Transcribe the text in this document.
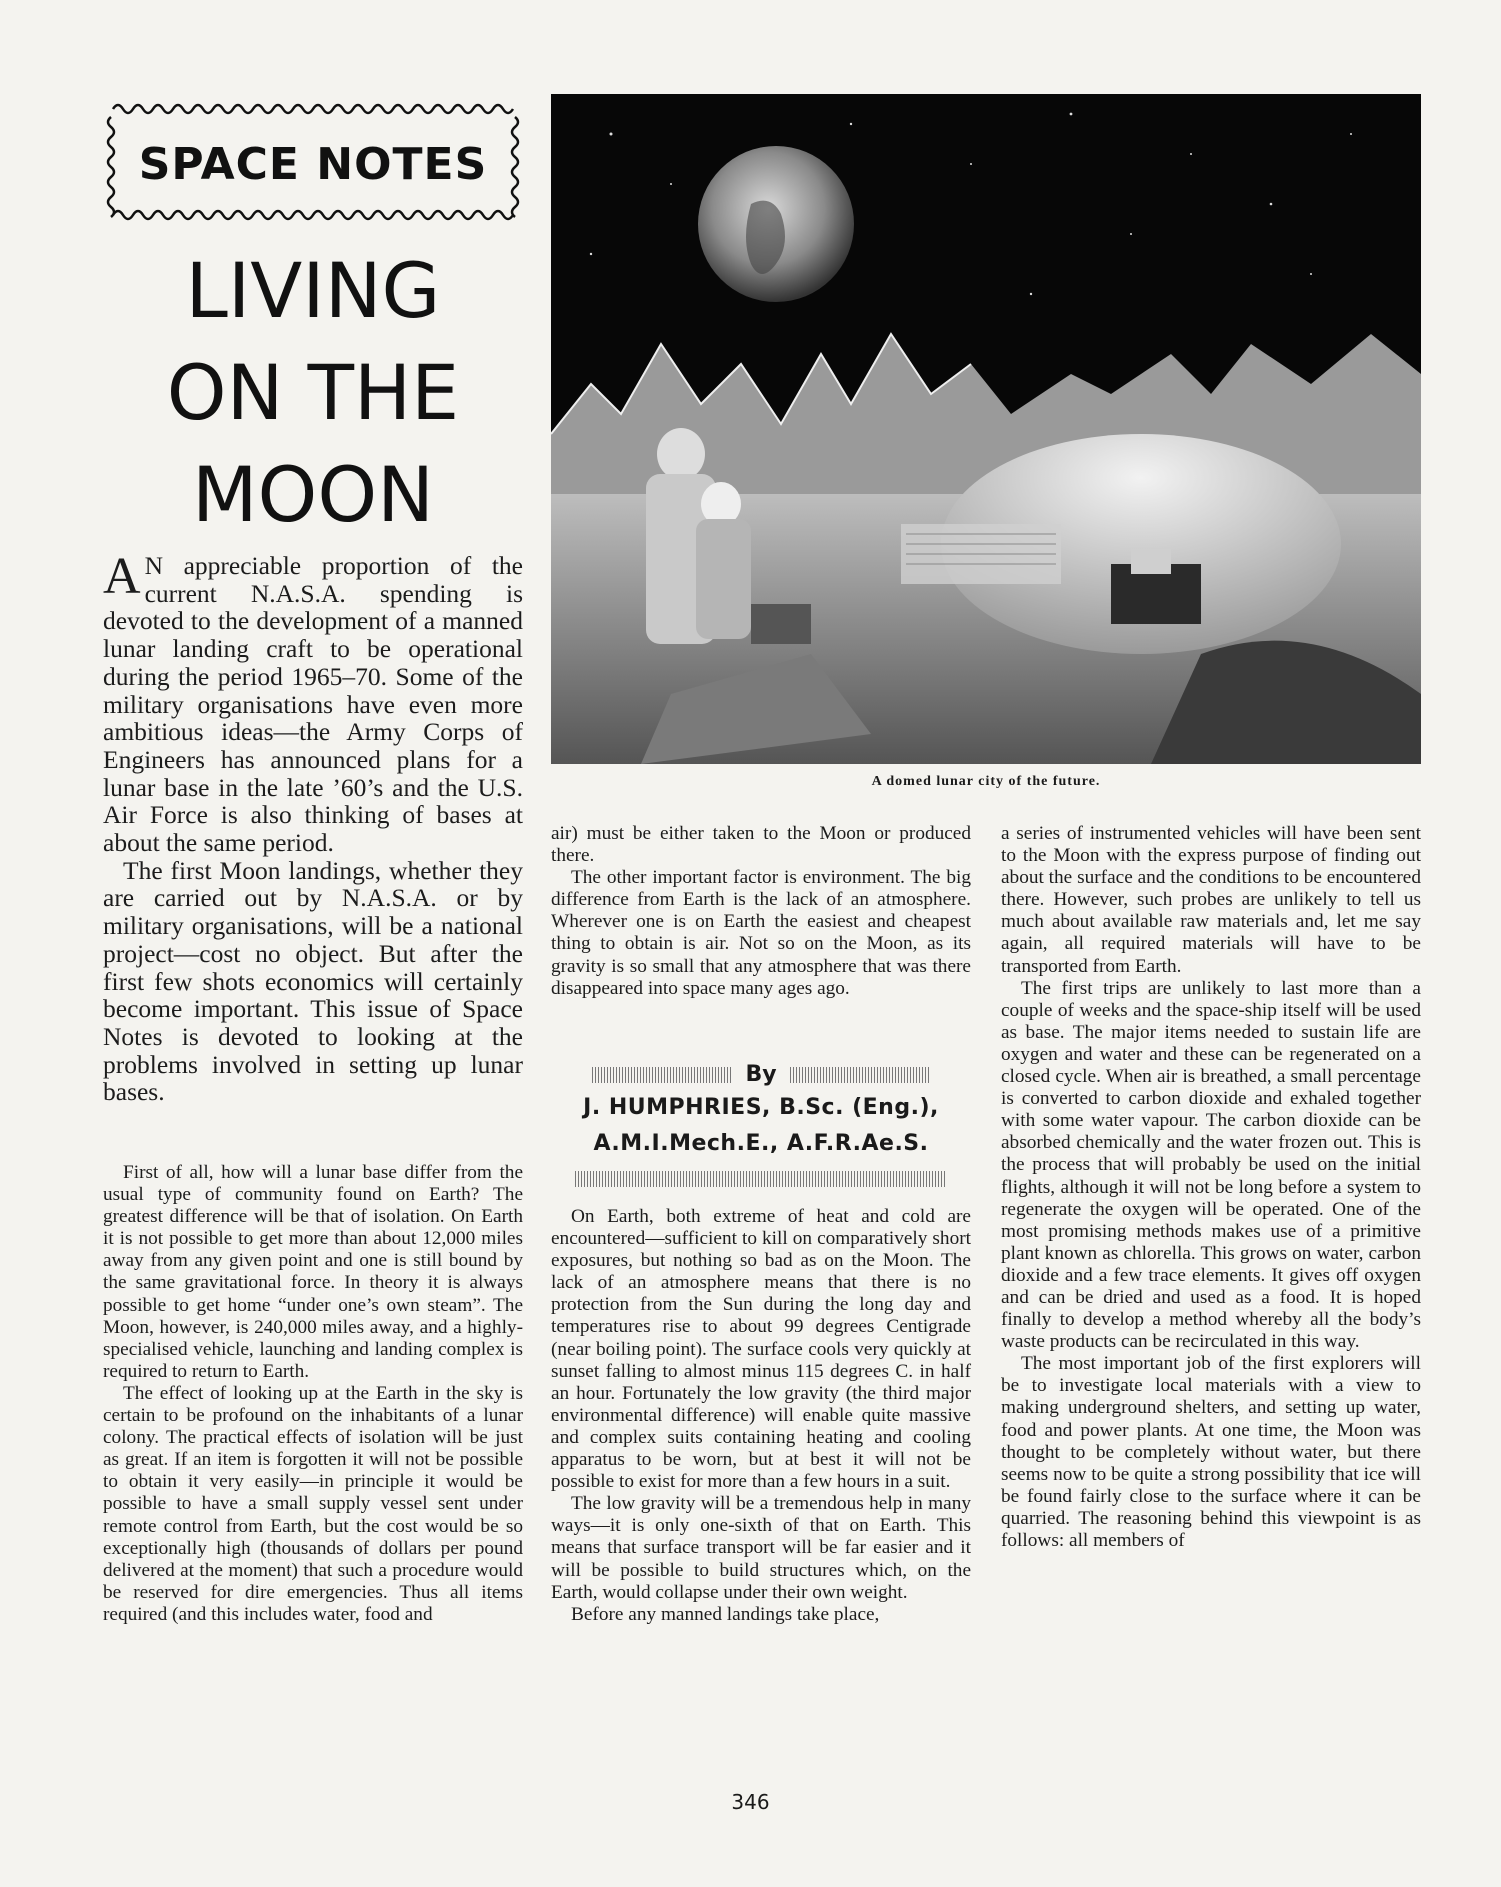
SPACE NOTES
LIVING
ON THE
MOON

A N appreciable proportion of the current N.A.S.A. spending is devoted to the development of a manned lunar landing craft to be operational during the period 1965–70. Some of the military organisations have even more ambitious ideas—the Army Corps of Engineers has announced plans for a lunar base in the late ’60’s and the U.S. Air Force is also thinking of bases at about the same period.

The first Moon landings, whether they are carried out by N.A.S.A. or by military organisations, will be a national project—cost no object. But after the first few shots economics will certainly become important. This issue of Space Notes is devoted to looking at the problems involved in setting up lunar bases.

First of all, how will a lunar base differ from the usual type of community found on Earth? The greatest difference will be that of isolation. On Earth it is not possible to get more than about 12,000 miles away from any given point and one is still bound by the same gravitational force. In theory it is always possible to get home “under one’s own steam”. The Moon, however, is 240,000 miles away, and a highly-specialised vehicle, launching and landing complex is required to return to Earth.

The effect of looking up at the Earth in the sky is certain to be profound on the inhabitants of a lunar colony. The practical effects of isolation will be just as great. If an item is forgotten it will not be possible to obtain it very easily—in principle it would be possible to have a small supply vessel sent under remote control from Earth, but the cost would be so exceptionally high (thousands of dollars per pound delivered at the moment) that such a procedure would be reserved for dire emergencies. Thus all items required (and this includes water, food and

A domed lunar city of the future.

air) must be either taken to the Moon or produced there.

The other important factor is environment. The big difference from Earth is the lack of an atmosphere. Wherever one is on Earth the easiest and cheapest thing to obtain is air. Not so on the Moon, as its gravity is so small that any atmosphere that was there disappeared into space many ages ago.

By
J. HUMPHRIES, B.Sc. (Eng.),
A.M.I.Mech.E., A.F.R.Ae.S.

On Earth, both extreme of heat and cold are encountered—sufficient to kill on comparatively short exposures, but nothing so bad as on the Moon. The lack of an atmosphere means that there is no protection from the Sun during the long day and temperatures rise to about 99 degrees Centigrade (near boiling point). The surface cools very quickly at sunset falling to almost minus 115 degrees C. in half an hour. Fortunately the low gravity (the third major environmental difference) will enable quite massive and complex suits containing heating and cooling apparatus to be worn, but at best it will not be possible to exist for more than a few hours in a suit.

The low gravity will be a tremendous help in many ways—it is only one-sixth of that on Earth. This means that surface transport will be far easier and it will be possible to build structures which, on the Earth, would collapse under their own weight.

Before any manned landings take place,

a series of instrumented vehicles will have been sent to the Moon with the express purpose of finding out about the surface and the conditions to be encountered there. However, such probes are unlikely to tell us much about available raw materials and, let me say again, all required materials will have to be transported from Earth.

The first trips are unlikely to last more than a couple of weeks and the space-ship itself will be used as base. The major items needed to sustain life are oxygen and water and these can be regenerated on a closed cycle. When air is breathed, a small percentage is converted to carbon dioxide and exhaled together with some water vapour. The carbon dioxide can be absorbed chemically and the water frozen out. This is the process that will probably be used on the initial flights, although it will not be long before a system to regenerate the oxygen will be operated. One of the most promising methods makes use of a primitive plant known as chlorella. This grows on water, carbon dioxide and a few trace elements. It gives off oxygen and can be dried and used as a food. It is hoped finally to develop a method whereby all the body’s waste products can be recirculated in this way.

The most important job of the first explorers will be to investigate local materials with a view to making underground shelters, and setting up water, food and power plants. At one time, the Moon was thought to be completely without water, but there seems now to be quite a strong possibility that ice will be found fairly close to the surface where it can be quarried. The reasoning behind this viewpoint is as follows: all members of

346
